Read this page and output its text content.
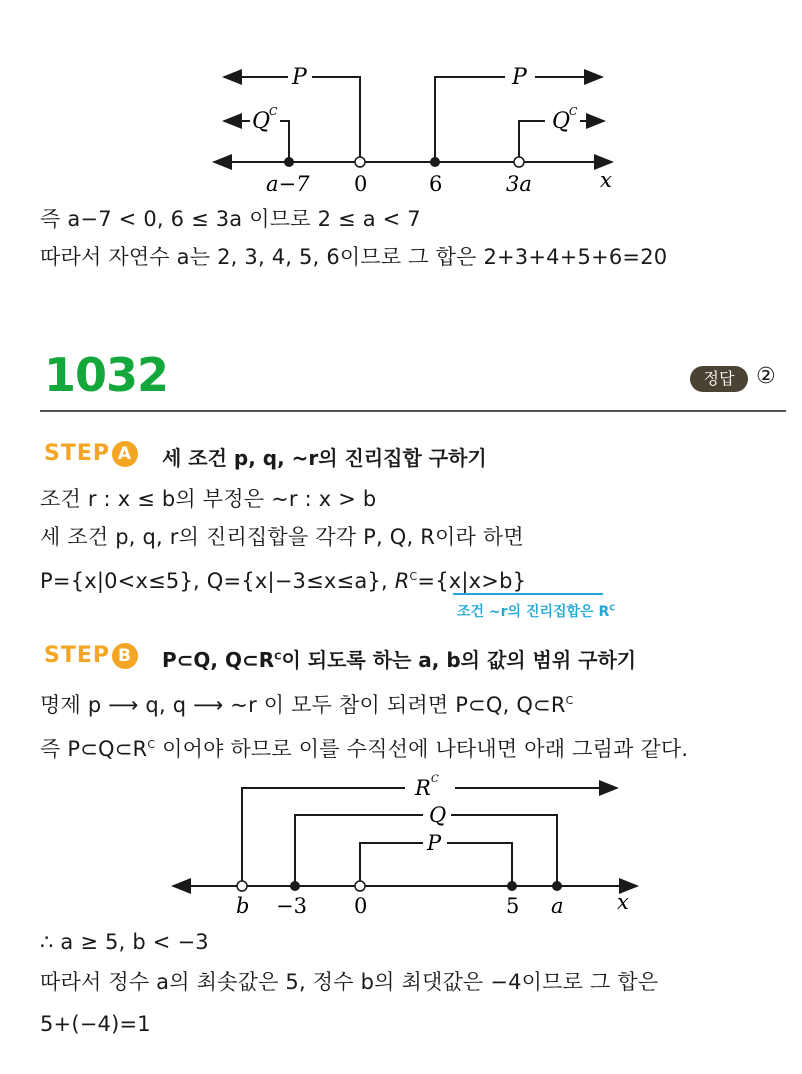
P	P
Q
C	Q
C
a−7 0	6	3a	x
즉 a−7 < 0, 6 ≤ 3a 이므로 2 ≤ a < 7
따라서 자연수 a는 2, 3, 4, 5, 6이므로 그 합은 2+3+4+5+6=20
1032	정답 ②
STEP A 세 조건 p, q, ~r의 진리집합 구하기
조건 r : x ≤ b의 부정은 ~r : x > b
세 조건 p, q, r의 진리집합을 각각 P, Q, R이라 하면
P={x|0<x≤5}, Q={x|−3≤x≤a}, $R^C=\{x|x>b\}$
조건 ~r의 진리집합은 $R^C$
STEP B	P⊂Q, $Q\subset R^C$이 되도록 하는 a, b의 값의 범위 구하기
명제 p ⟶ q, q ⟶ ~r 이 모두 참이 되려면 P⊂Q, $Q\subset R^C$
즉 $P\subset Q\subset R^C$ 이어야 하므로 이를 수직선에 나타내면 아래 그림과 같다.
R C
Q
P
b −3 0	5 a	x
∴ a ≥ 5, b < −3
따라서 정수 a의 최솟값은 5, 정수 b의 최댓값은 −4이므로 그 합은
5+(−4)=1
